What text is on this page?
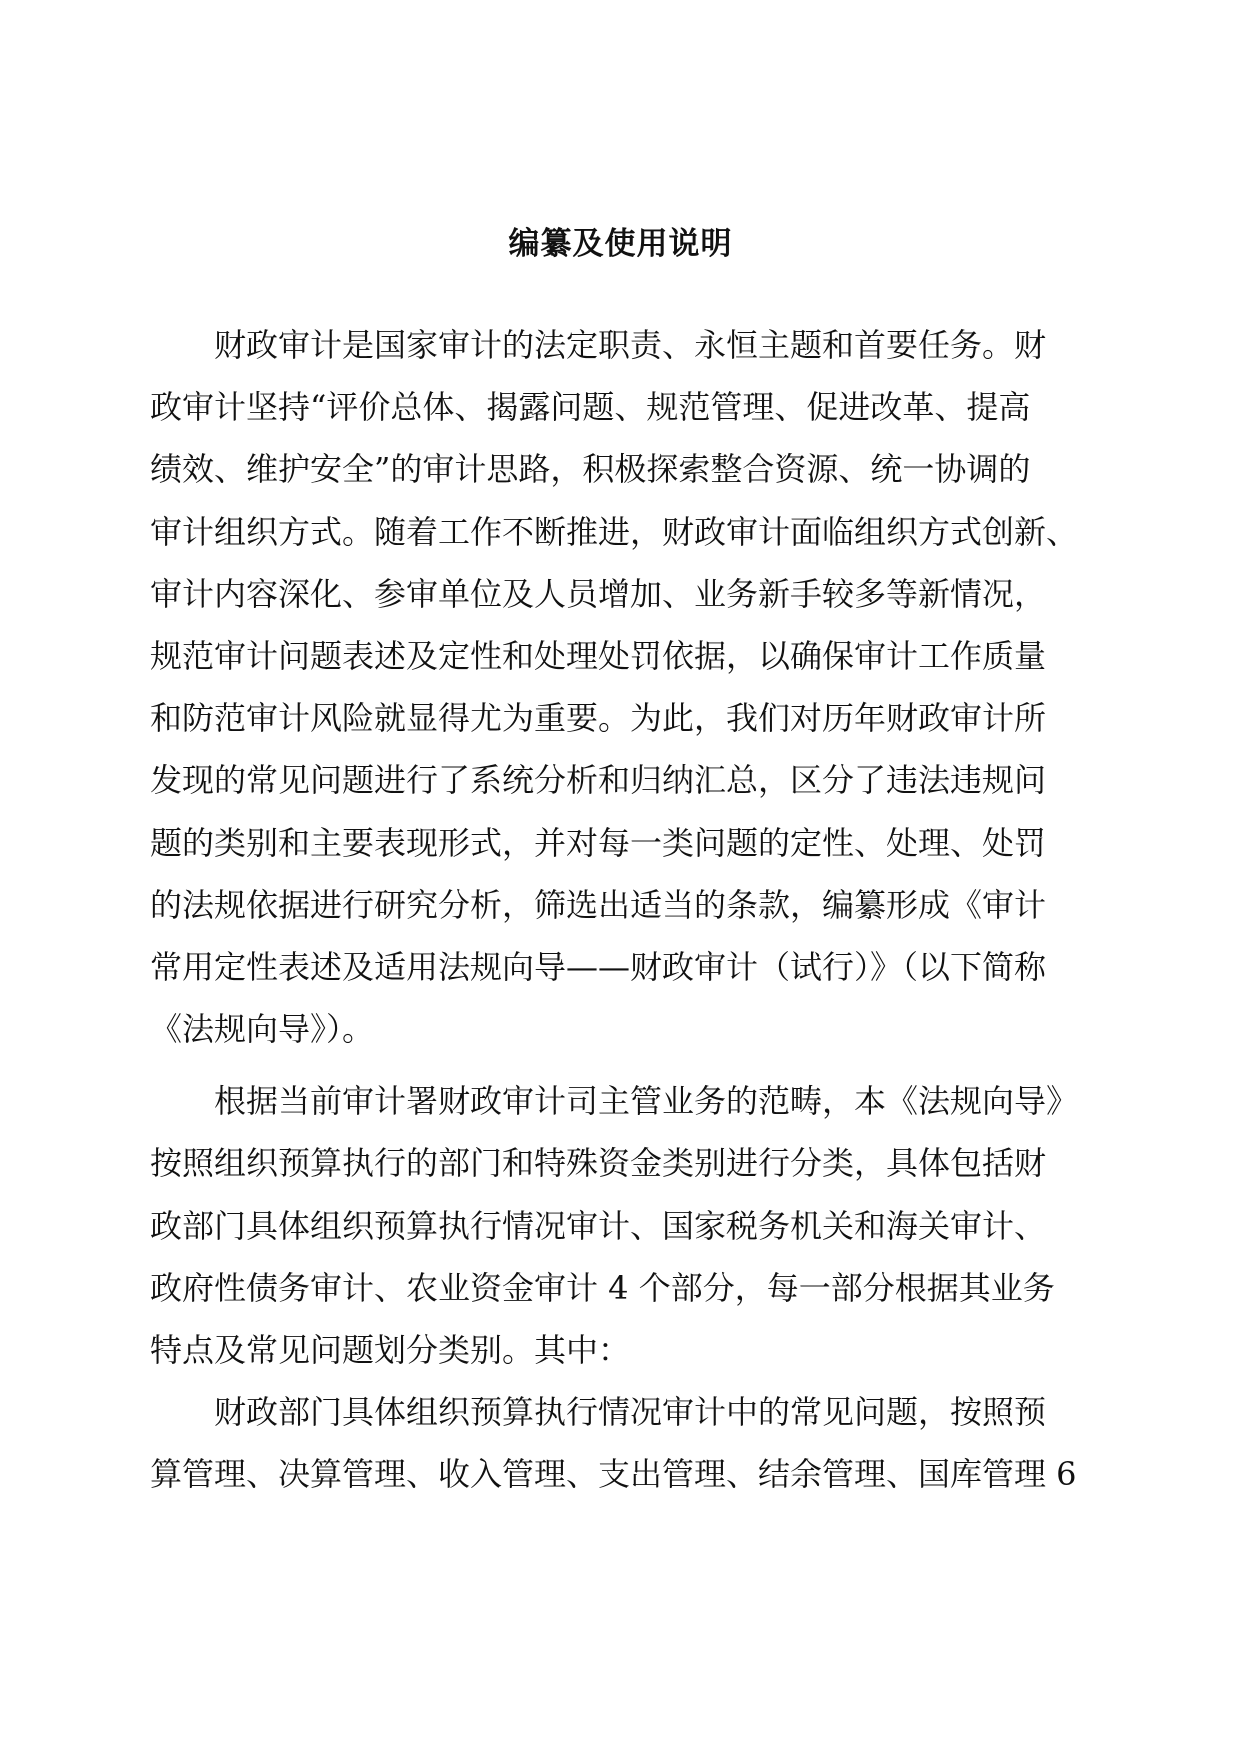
编纂及使用说明
　　财政审计是国家审计的法定职责、永恒主题和首要任务。财
政审计坚持“评价总体、揭露问题、规范管理、促进改革、提高
绩效、维护安全”的审计思路，积极探索整合资源、统一协调的
审计组织方式。随着工作不断推进，财政审计面临组织方式创新、
审计内容深化、参审单位及人员增加、业务新手较多等新情况，
规范审计问题表述及定性和处理处罚依据，以确保审计工作质量
和防范审计风险就显得尤为重要。为此，我们对历年财政审计所
发现的常见问题进行了系统分析和归纳汇总，区分了违法违规问
题的类别和主要表现形式，并对每一类问题的定性、处理、处罚
的法规依据进行研究分析，筛选出适当的条款，编纂形成《审计
常用定性表述及适用法规向导——财政审计（试行）》（以下简称
《法规向导》）。
　　根据当前审计署财政审计司主管业务的范畴，本《法规向导》
按照组织预算执行的部门和特殊资金类别进行分类，具体包括财
政部门具体组织预算执行情况审计、国家税务机关和海关审计、
政府性债务审计、农业资金审计 4 个部分，每一部分根据其业务
特点及常见问题划分类别。其中：
　　财政部门具体组织预算执行情况审计中的常见问题，按照预
算管理、决算管理、收入管理、支出管理、结余管理、国库管理 6
